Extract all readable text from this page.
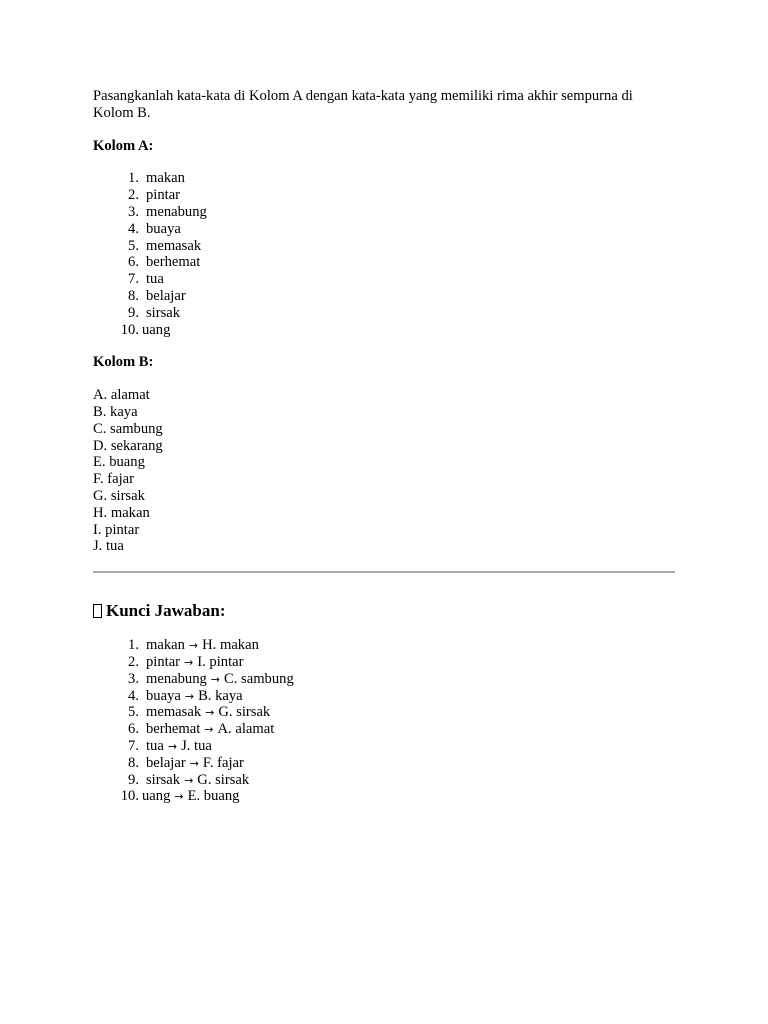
Pasangkanlah kata-kata di Kolom A dengan kata-kata yang memiliki rima akhir sempurna di Kolom B.

Kolom A:

1. makan
2. pintar
3. menabung
4. buaya
5. memasak
6. berhemat
7. tua
8. belajar
9. sirsak
10. uang

Kolom B:

A. alamat
B. kaya
C. sambung
D. sekarang
E. buang
F. fajar
G. sirsak
H. makan
I. pintar
J. tua

Kunci Jawaban:

1. makan → H. makan
2. pintar → I. pintar
3. menabung → C. sambung
4. buaya → B. kaya
5. memasak → G. sirsak
6. berhemat → A. alamat
7. tua → J. tua
8. belajar → F. fajar
9. sirsak → G. sirsak
10. uang → E. buang
